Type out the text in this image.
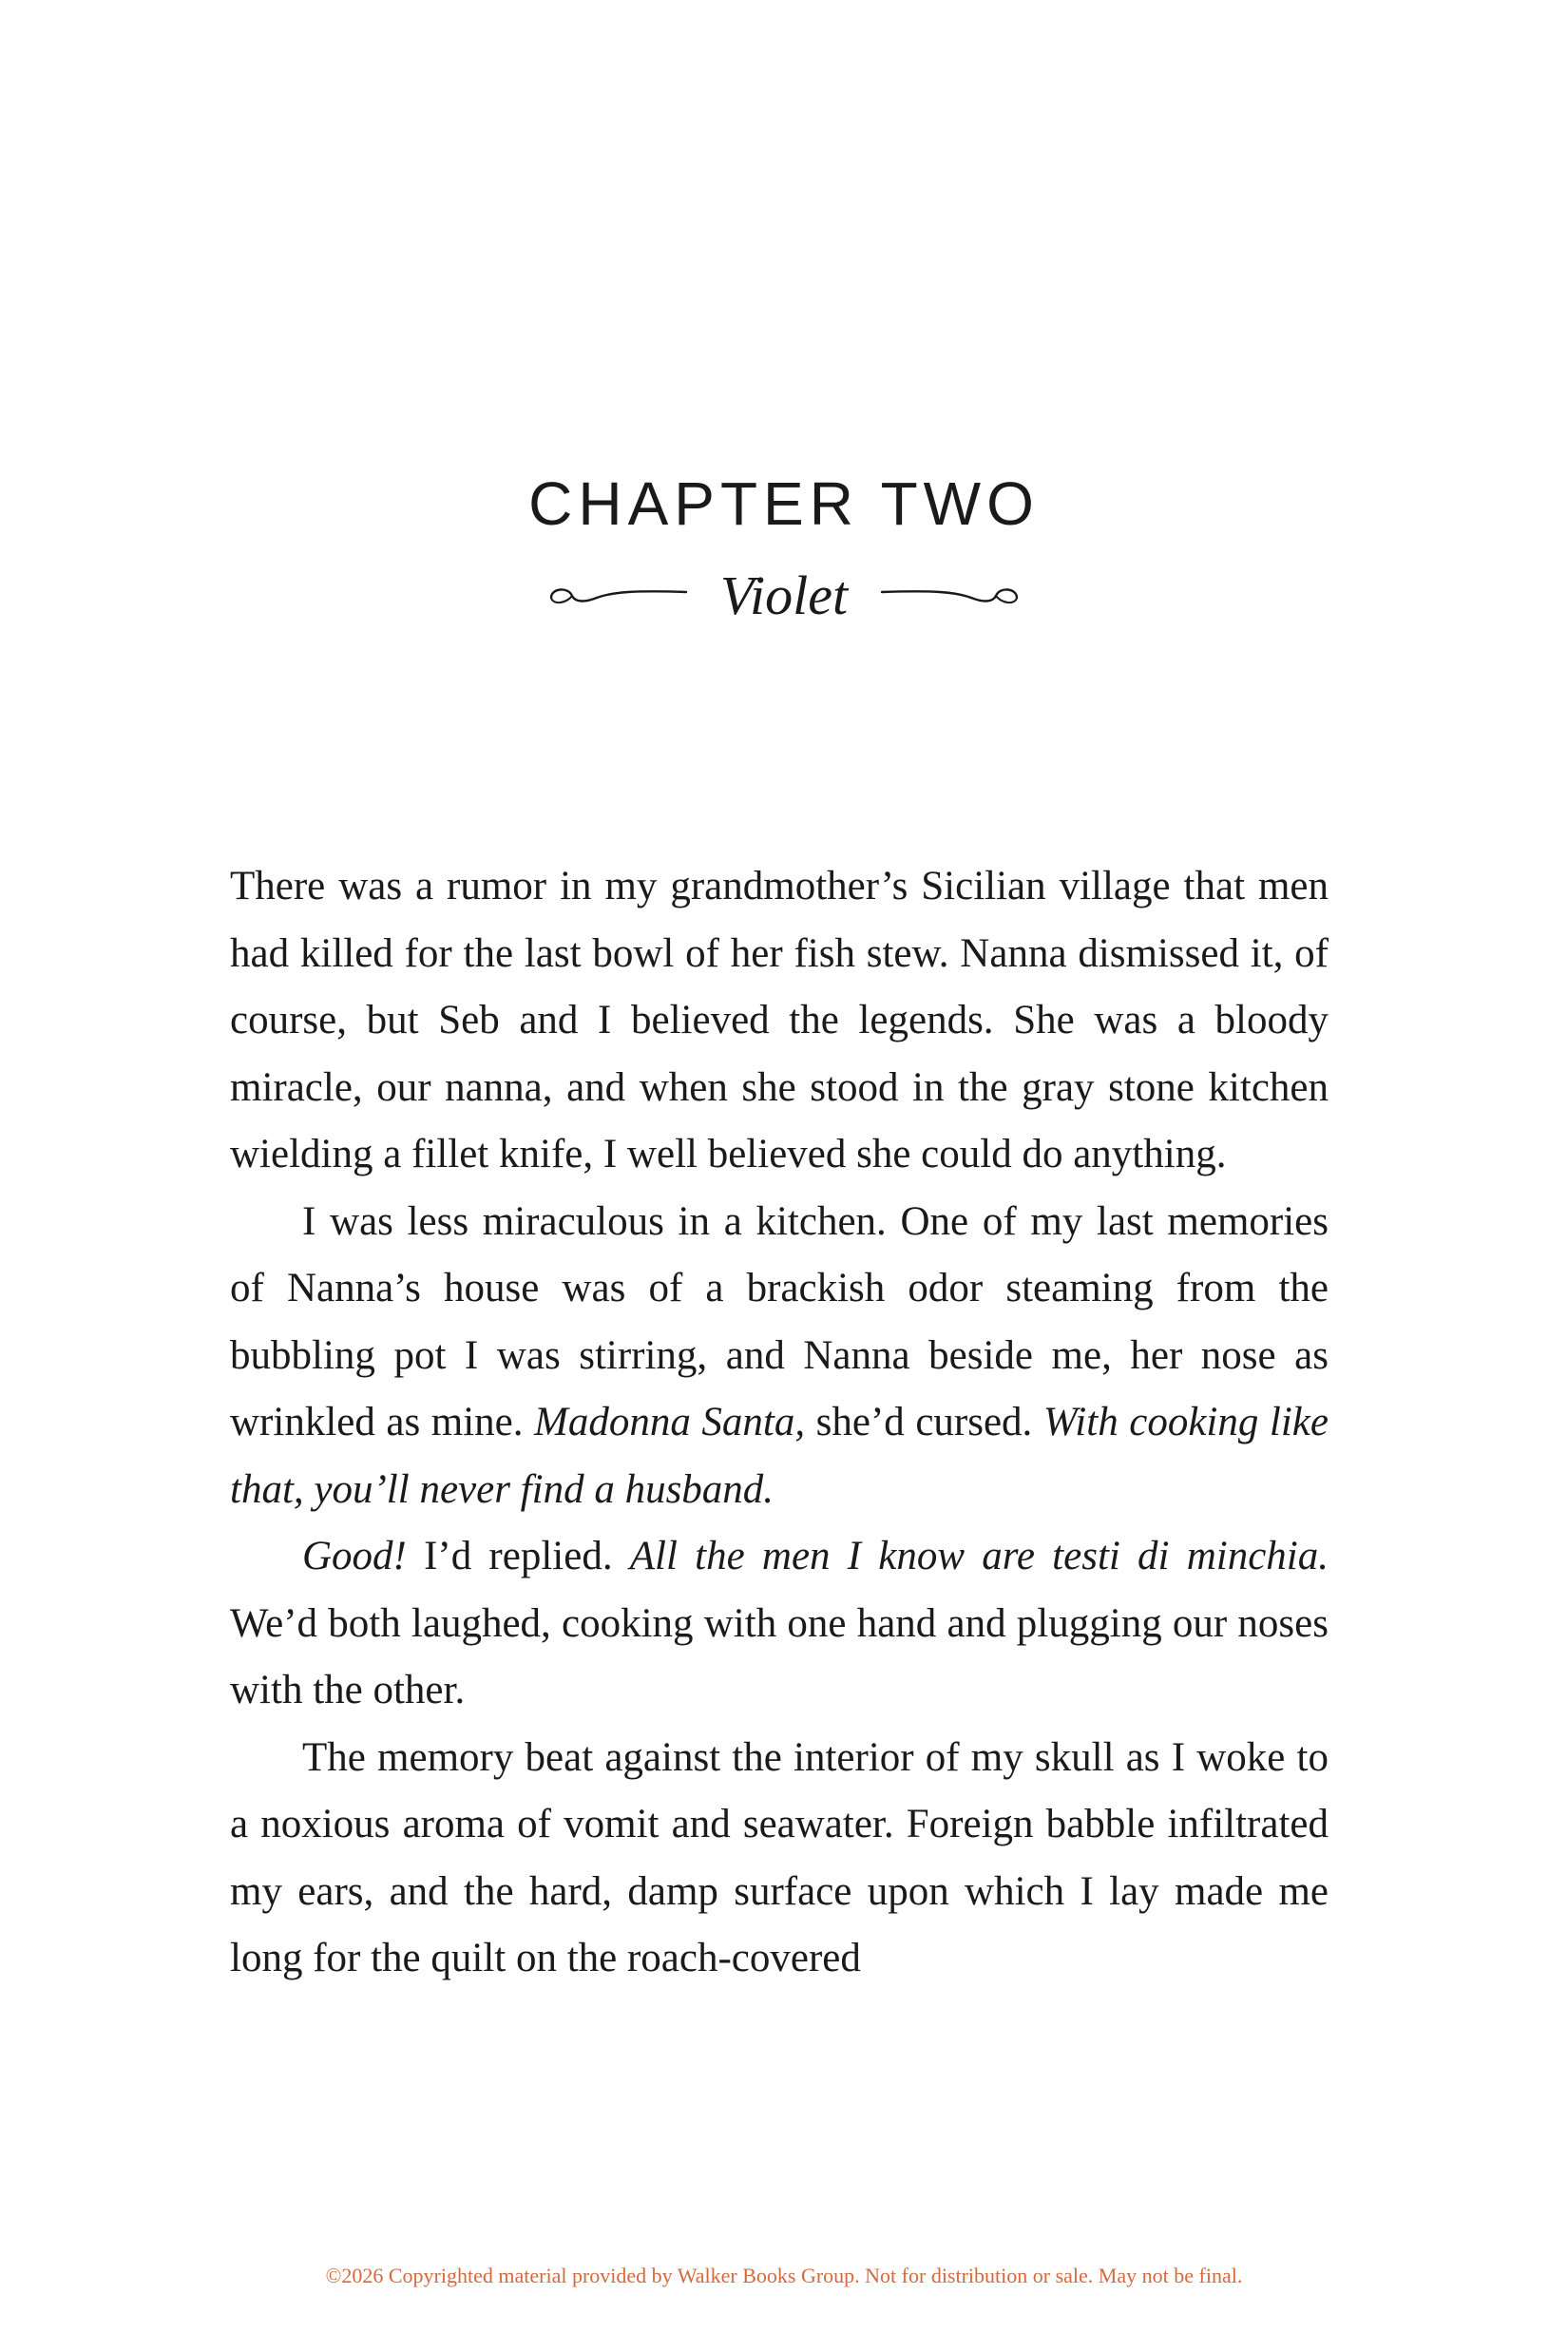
CHAPTER TWO
Violet

There was a rumor in my grandmother’s Sicilian village that men had killed for the last bowl of her fish stew. Nanna dismissed it, of course, but Seb and I believed the legends. She was a bloody miracle, our nanna, and when she stood in the gray stone kitchen wielding a fillet knife, I well believed she could do anything.

I was less miraculous in a kitchen. One of my last memories of Nanna’s house was of a brackish odor steaming from the bubbling pot I was stirring, and Nanna beside me, her nose as wrinkled as mine. Madonna Santa, she’d cursed. With cooking like that, you’ll never find a husband.

Good! I’d replied. All the men I know are testi di minchia. We’d both laughed, cooking with one hand and plugging our noses with the other.

The memory beat against the interior of my skull as I woke to a noxious aroma of vomit and seawater. Foreign babble infiltrated my ears, and the hard, damp surface upon which I lay made me long for the quilt on the roach-covered

©2026 Copyrighted material provided by Walker Books Group. Not for distribution or sale. May not be final.
